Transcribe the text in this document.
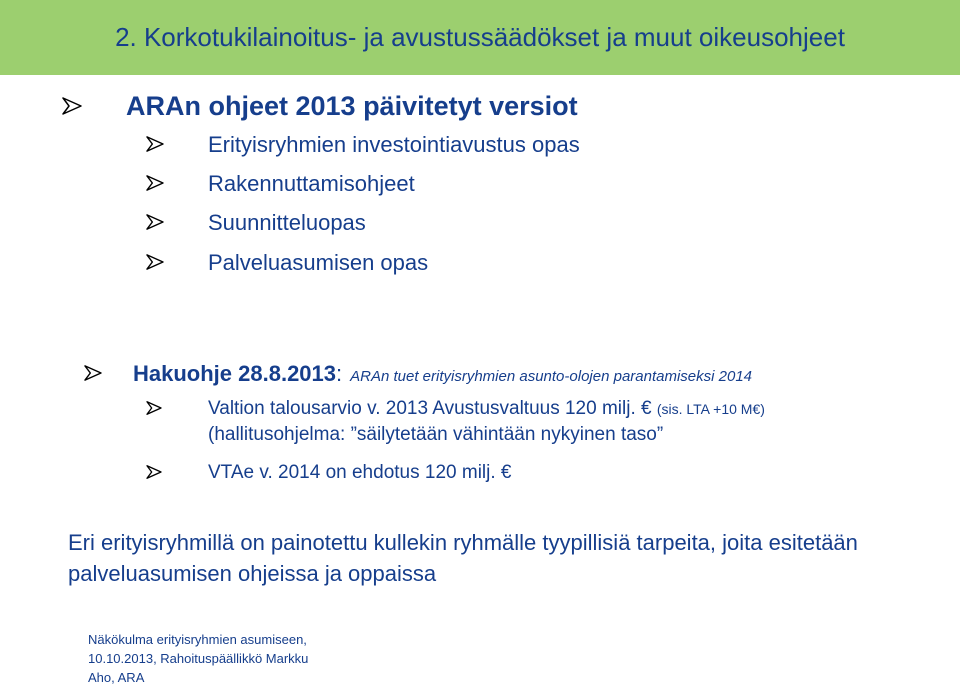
2. Korkotukilainoitus- ja avustussäädökset ja muut oikeusohjeet
ARAn ohjeet 2013 päivitetyt versiot
Erityisryhmien investointiavustus opas
Rakennuttamisohjeet
Suunnitteluopas
Palveluasumisen opas
Hakuohje 28.8.2013: ARAn tuet erityisryhmien asunto-olojen parantamiseksi 2014
Valtion talousarvio v. 2013 Avustusvaltuus 120 milj. € (sis. LTA +10 M€)
(hallitusohjelma: ”säilytetään vähintään nykyinen taso”
VTAe v. 2014 on ehdotus 120 milj. €
Eri erityisryhmillä on painotettu kullekin ryhmälle tyypillisiä tarpeita, joita esitetään palveluasumisen ohjeissa ja oppaissa
Näkökulma erityisryhmien asumiseen, 10.10.2013, Rahoituspäällikkö Markku Aho, ARA
